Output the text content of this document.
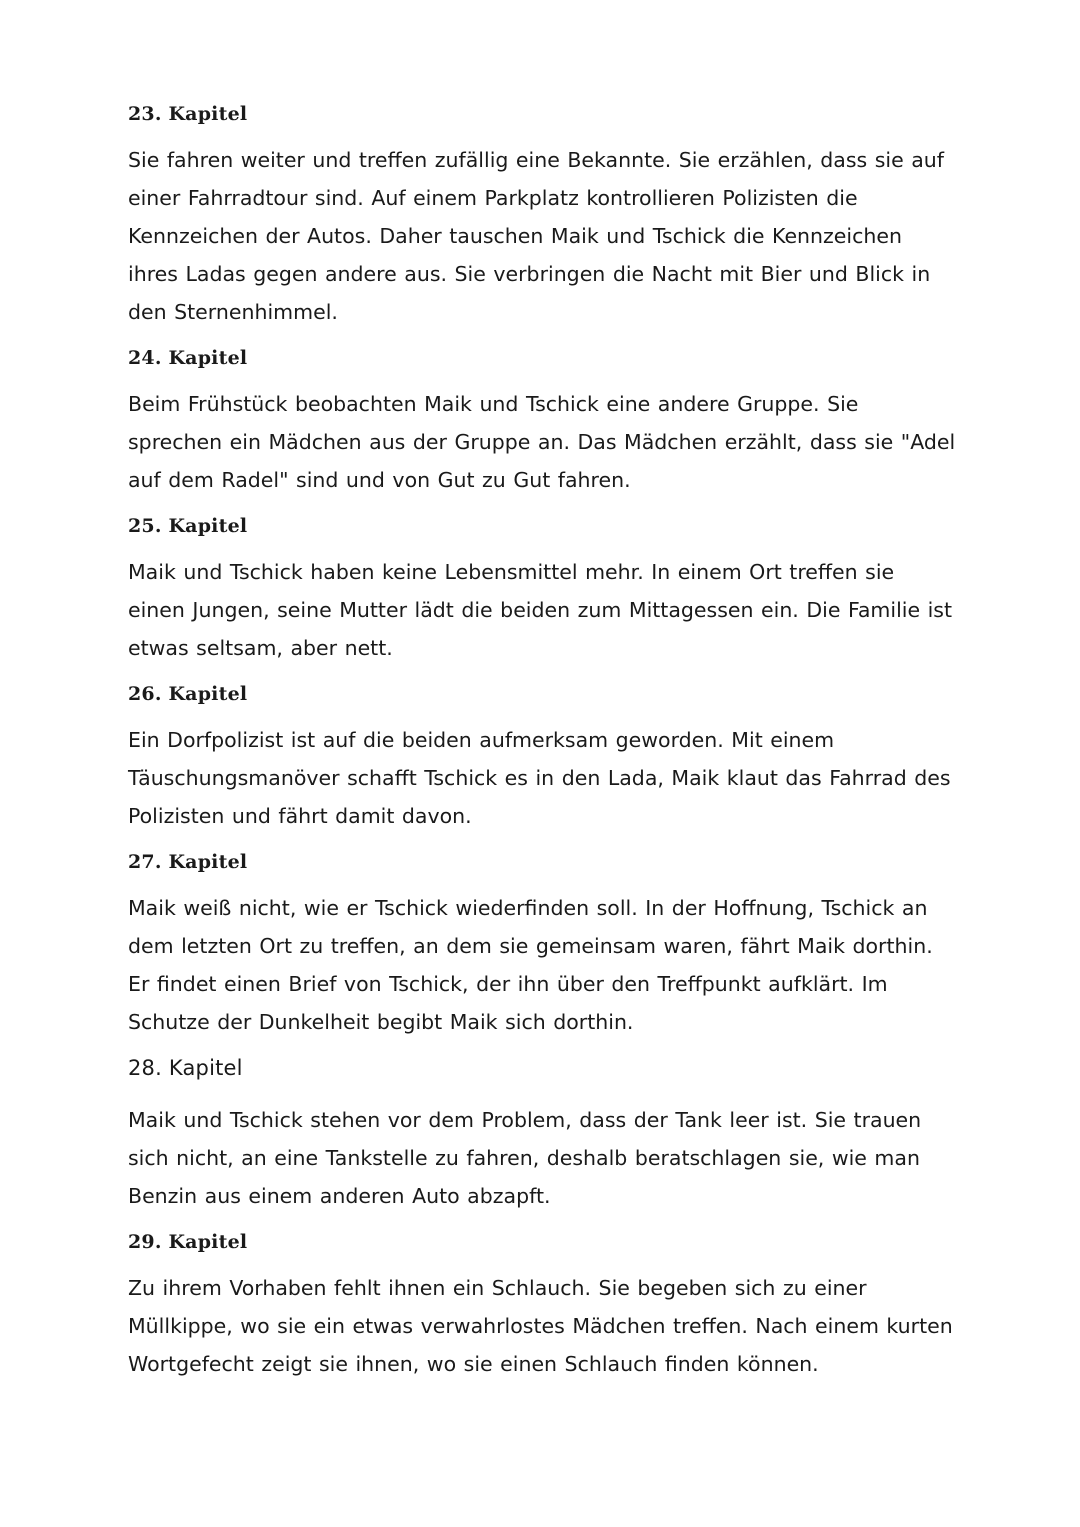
23. Kapitel

Sie fahren weiter und treffen zufällig eine Bekannte. Sie erzählen, dass sie auf einer Fahrradtour sind. Auf einem Parkplatz kontrollieren Polizisten die Kennzeichen der Autos. Daher tauschen Maik und Tschick die Kennzeichen ihres Ladas gegen andere aus. Sie verbringen die Nacht mit Bier und Blick in den Sternenhimmel.

24. Kapitel

Beim Frühstück beobachten Maik und Tschick eine andere Gruppe. Sie sprechen ein Mädchen aus der Gruppe an. Das Mädchen erzählt, dass sie "Adel auf dem Radel" sind und von Gut zu Gut fahren.

25. Kapitel

Maik und Tschick haben keine Lebensmittel mehr. In einem Ort treffen sie einen Jungen, seine Mutter lädt die beiden zum Mittagessen ein. Die Familie ist etwas seltsam, aber nett.

26. Kapitel

Ein Dorfpolizist ist auf die beiden aufmerksam geworden. Mit einem Täuschungsmanöver schafft Tschick es in den Lada, Maik klaut das Fahrrad des Polizisten und fährt damit davon.

27. Kapitel

Maik weiß nicht, wie er Tschick wiederfinden soll. In der Hoffnung, Tschick an dem letzten Ort zu treffen, an dem sie gemeinsam waren, fährt Maik dorthin. Er findet einen Brief von Tschick, der ihn über den Treffpunkt aufklärt. Im Schutze der Dunkelheit begibt Maik sich dorthin.

28. Kapitel

Maik und Tschick stehen vor dem Problem, dass der Tank leer ist. Sie trauen sich nicht, an eine Tankstelle zu fahren, deshalb beratschlagen sie, wie man Benzin aus einem anderen Auto abzapft.

29. Kapitel

Zu ihrem Vorhaben fehlt ihnen ein Schlauch. Sie begeben sich zu einer Müllkippe, wo sie ein etwas verwahrlostes Mädchen treffen. Nach einem kurten Wortgefecht zeigt sie ihnen, wo sie einen Schlauch finden können.
